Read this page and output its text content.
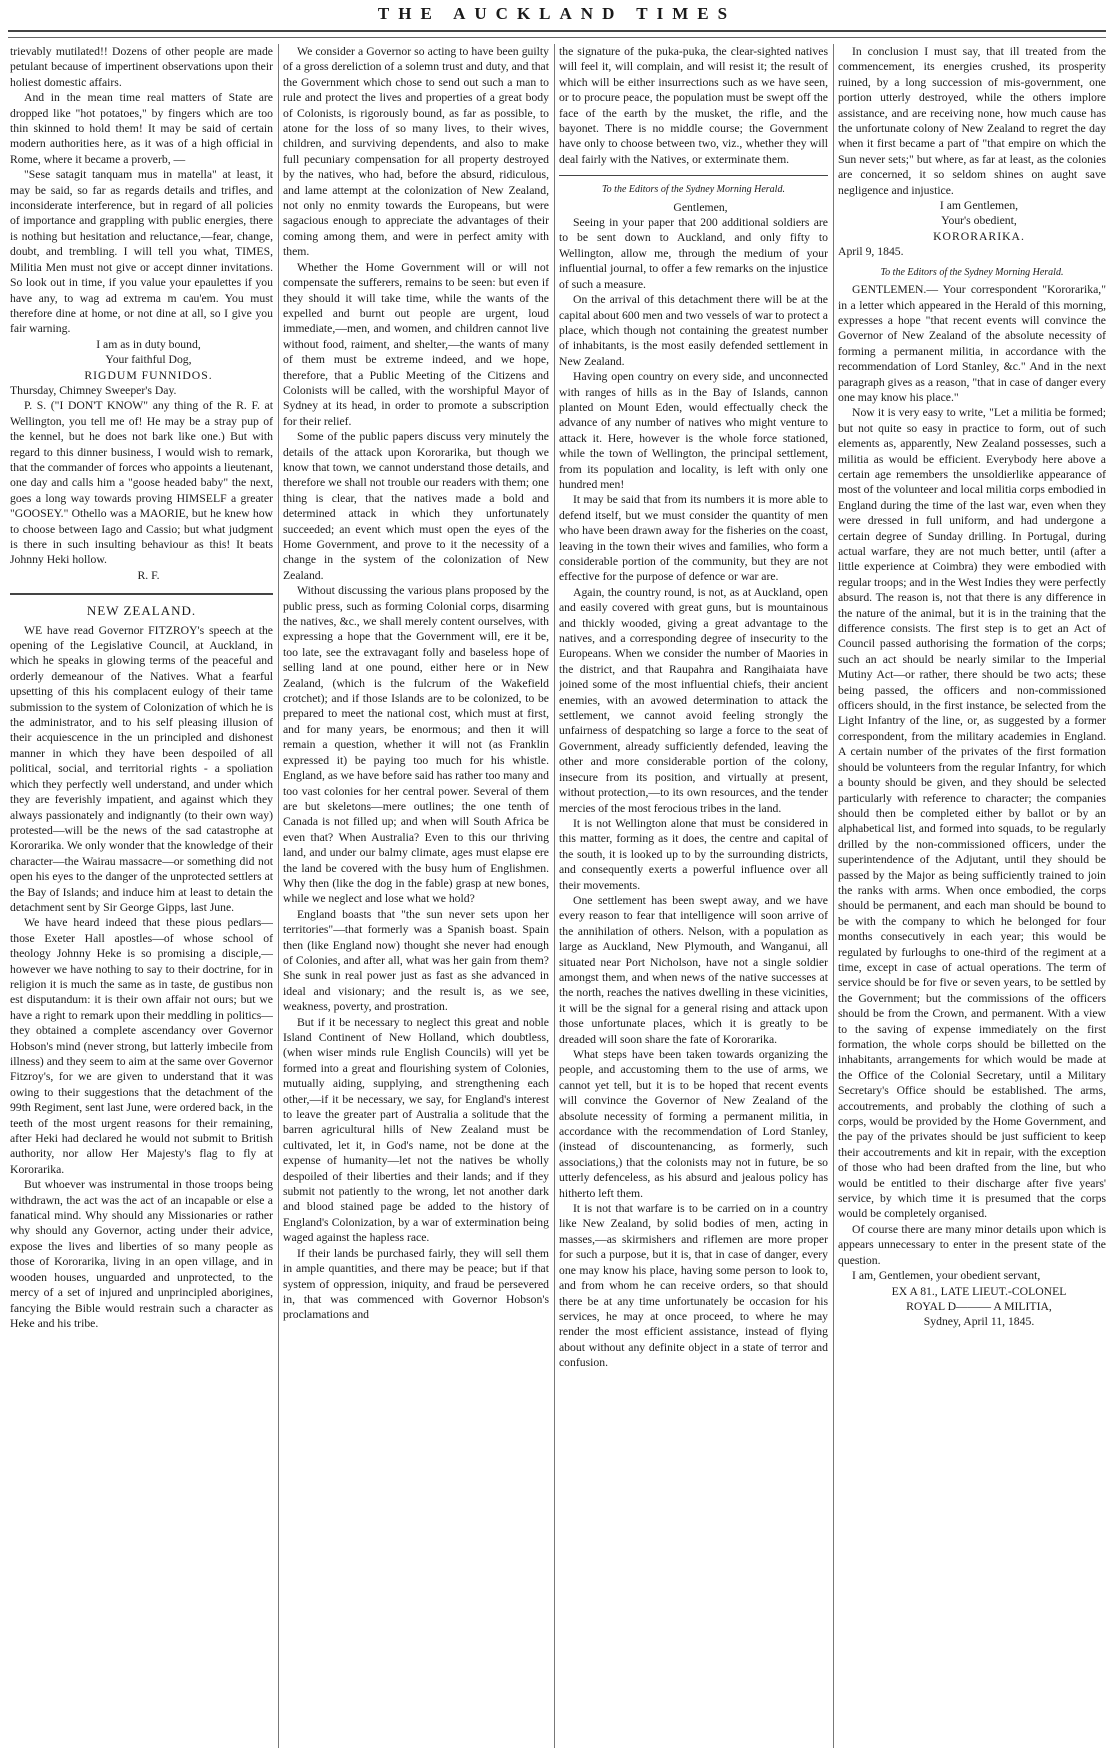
THE AUCKLAND TIMES

trievably mutilated!! Dozens of other people are made petulant because of impertinent observations upon their holiest domestic affairs.

And in the mean time real matters of State are dropped like "hot potatoes," by fingers which are too thin skinned to hold them! It may be said of certain modern authorities here, as it was of a high official in Rome, where it became a proverb, —

"Sese satagit tanquam mus in matella" at least, it may be said, so far as regards details and trifles, and inconsiderate interference, but in regard of all policies of importance and grappling with public energies, there is nothing but hesitation and reluctance,—fear, change, doubt, and trembling. I will tell you what, TIMES, Militia Men must not give or accept dinner invitations. So look out in time, if you value your epaulettes if you have any, to wag ad extrema m cau'em. You must therefore dine at home, or not dine at all, so I give you fair warning.

I am as in duty bound,

Your faithful Dog,

RIGDUM FUNNIDOS.

Thursday, Chimney Sweeper's Day.

P. S. ("I DON'T KNOW" any thing of the R. F. at Wellington, you tell me of! He may be a stray pup of the kennel, but he does not bark like one.) But with regard to this dinner business, I would wish to remark, that the commander of forces who appoints a lieutenant, one day and calls him a "goose headed baby" the next, goes a long way towards proving HIMSELF a greater "GOOSEY." Othello was a MAORIE, but he knew how to choose between Iago and Cassio; but what judgment is there in such insulting behaviour as this! It beats Johnny Heki hollow.

R. F.

NEW ZEALAND.

WE have read Governor FITZROY's speech at the opening of the Legislative Council, at Auckland, in which he speaks in glowing terms of the peaceful and orderly demeanour of the Natives. What a fearful upsetting of this his complacent eulogy of their tame submission to the system of Colonization of which he is the administrator, and to his self pleasing illusion of their acquiescence in the un principled and dishonest manner in which they have been despoiled of all political, social, and territorial rights - a spoliation which they perfectly well understand, and under which they are feverishly impatient, and against which they always passionately and indignantly (to their own way) protested—will be the news of the sad catastrophe at Kororarika. We only wonder that the knowledge of their character—the Wairau massacre—or something did not open his eyes to the danger of the unprotected settlers at the Bay of Islands; and induce him at least to detain the detachment sent by Sir George Gipps, last June.

We have heard indeed that these pious pedlars—those Exeter Hall apostles—of whose school of theology Johnny Heke is so promising a disciple,—however we have nothing to say to their doctrine, for in religion it is much the same as in taste, de gustibus non est disputandum: it is their own affair not ours; but we have a right to remark upon their meddling in politics—they obtained a complete ascendancy over Governor Hobson's mind (never strong, but latterly imbecile from illness) and they seem to aim at the same over Governor Fitzroy's, for we are given to understand that it was owing to their suggestions that the detachment of the 99th Regiment, sent last June, were ordered back, in the teeth of the most urgent reasons for their remaining, after Heki had declared he would not submit to British authority, nor allow Her Majesty's flag to fly at Kororarika.

But whoever was instrumental in those troops being withdrawn, the act was the act of an incapable or else a fanatical mind. Why should any Missionaries or rather why should any Governor, acting under their advice, expose the lives and liberties of so many people as those of Kororarika, living in an open village, and in wooden houses, unguarded and unprotected, to the mercy of a set of injured and unprincipled aborigines, fancying the Bible would restrain such a character as Heke and his tribe.

We consider a Governor so acting to have been guilty of a gross dereliction of a solemn trust and duty, and that the Government which chose to send out such a man to rule and protect the lives and properties of a great body of Colonists, is rigorously bound, as far as possible, to atone for the loss of so many lives, to their wives, children, and surviving dependents, and also to make full pecuniary compensation for all property destroyed by the natives, who had, before the absurd, ridiculous, and lame attempt at the colonization of New Zealand, not only no enmity towards the Europeans, but were sagacious enough to appreciate the advantages of their coming among them, and were in perfect amity with them.

Whether the Home Government will or will not compensate the sufferers, remains to be seen: but even if they should it will take time, while the wants of the expelled and burnt out people are urgent, loud immediate,—men, and women, and children cannot live without food, raiment, and shelter,—the wants of many of them must be extreme indeed, and we hope, therefore, that a Public Meeting of the Citizens and Colonists will be called, with the worshipful Mayor of Sydney at its head, in order to promote a subscription for their relief.

Some of the public papers discuss very minutely the details of the attack upon Kororarika, but though we know that town, we cannot understand those details, and therefore we shall not trouble our readers with them; one thing is clear, that the natives made a bold and determined attack in which they unfortunately succeeded; an event which must open the eyes of the Home Government, and prove to it the necessity of a change in the system of the colonization of New Zealand.

Without discussing the various plans proposed by the public press, such as forming Colonial corps, disarming the natives, &c., we shall merely content ourselves, with expressing a hope that the Government will, ere it be, too late, see the extravagant folly and baseless hope of selling land at one pound, either here or in New Zealand, (which is the fulcrum of the Wakefield crotchet); and if those Islands are to be colonized, to be prepared to meet the national cost, which must at first, and for many years, be enormous; and then it will remain a question, whether it will not (as Franklin expressed it) be paying too much for his whistle. England, as we have before said has rather too many and too vast colonies for her central power. Several of them are but skeletons—mere outlines; the one tenth of Canada is not filled up; and when will South Africa be even that? When Australia? Even to this our thriving land, and under our balmy climate, ages must elapse ere the land be covered with the busy hum of Englishmen. Why then (like the dog in the fable) grasp at new bones, while we neglect and lose what we hold?

England boasts that "the sun never sets upon her territories"—that formerly was a Spanish boast. Spain then (like England now) thought she never had enough of Colonies, and after all, what was her gain from them? She sunk in real power just as fast as she advanced in ideal and visionary; and the result is, as we see, weakness, poverty, and prostration.

But if it be necessary to neglect this great and noble Island Continent of New Holland, which doubtless, (when wiser minds rule English Councils) will yet be formed into a great and flourishing system of Colonies, mutually aiding, supplying, and strengthening each other,—if it be necessary, we say, for England's interest to leave the greater part of Australia a solitude that the barren agricultural hills of New Zealand must be cultivated, let it, in God's name, not be done at the expense of humanity—let not the natives be wholly despoiled of their liberties and their lands; and if they submit not patiently to the wrong, let not another dark and blood stained page be added to the history of England's Colonization, by a war of extermination being waged against the hapless race.

If their lands be purchased fairly, they will sell them in ample quantities, and there may be peace; but if that system of oppression, iniquity, and fraud be persevered in, that was commenced with Governor Hobson's proclamations and

the signature of the puka-puka, the clear-sighted natives will feel it, will complain, and will resist it; the result of which will be either insurrections such as we have seen, or to procure peace, the population must be swept off the face of the earth by the musket, the rifle, and the bayonet. There is no middle course; the Government have only to choose between two, viz., whether they will deal fairly with the Natives, or exterminate them.

To the Editors of the Sydney Morning Herald.

Gentlemen,

Seeing in your paper that 200 additional soldiers are to be sent down to Auckland, and only fifty to Wellington, allow me, through the medium of your influential journal, to offer a few remarks on the injustice of such a measure.

On the arrival of this detachment there will be at the capital about 600 men and two vessels of war to protect a place, which though not containing the greatest number of inhabitants, is the most easily defended settlement in New Zealand.

Having open country on every side, and unconnected with ranges of hills as in the Bay of Islands, cannon planted on Mount Eden, would effectually check the advance of any number of natives who might venture to attack it. Here, however is the whole force stationed, while the town of Wellington, the principal settlement, from its population and locality, is left with only one hundred men!

It may be said that from its numbers it is more able to defend itself, but we must consider the quantity of men who have been drawn away for the fisheries on the coast, leaving in the town their wives and families, who form a considerable portion of the community, but they are not effective for the purpose of defence or war are.

Again, the country round, is not, as at Auckland, open and easily covered with great guns, but is mountainous and thickly wooded, giving a great advantage to the natives, and a corresponding degree of insecurity to the Europeans. When we consider the number of Maories in the district, and that Raupahra and Rangihaiata have joined some of the most influential chiefs, their ancient enemies, with an avowed determination to attack the settlement, we cannot avoid feeling strongly the unfairness of despatching so large a force to the seat of Government, already sufficiently defended, leaving the other and more considerable portion of the colony, insecure from its position, and virtually at present, without protection,—to its own resources, and the tender mercies of the most ferocious tribes in the land.

It is not Wellington alone that must be considered in this matter, forming as it does, the centre and capital of the south, it is looked up to by the surrounding districts, and consequently exerts a powerful influence over all their movements.

One settlement has been swept away, and we have every reason to fear that intelligence will soon arrive of the annihilation of others. Nelson, with a population as large as Auckland, New Plymouth, and Wanganui, all situated near Port Nicholson, have not a single soldier amongst them, and when news of the native successes at the north, reaches the natives dwelling in these vicinities, it will be the signal for a general rising and attack upon those unfortunate places, which it is greatly to be dreaded will soon share the fate of Kororarika.

What steps have been taken towards organizing the people, and accustoming them to the use of arms, we cannot yet tell, but it is to be hoped that recent events will convince the Governor of New Zealand of the absolute necessity of forming a permanent militia, in accordance with the recommendation of Lord Stanley, (instead of discountenancing, as formerly, such associations,) that the colonists may not in future, be so utterly defenceless, as his absurd and jealous policy has hitherto left them.

It is not that warfare is to be carried on in a country like New Zealand, by solid bodies of men, acting in masses,—as skirmishers and riflemen are more proper for such a purpose, but it is, that in case of danger, every one may know his place, having some person to look to, and from whom he can receive orders, so that should there be at any time unfortunately be occasion for his services, he may at once proceed, to where he may render the most efficient assistance, instead of flying about without any definite object in a state of terror and confusion.

In conclusion I must say, that ill treated from the commencement, its energies crushed, its prosperity ruined, by a long succession of mis-government, one portion utterly destroyed, while the others implore assistance, and are receiving none, how much cause has the unfortunate colony of New Zealand to regret the day when it first became a part of "that empire on which the Sun never sets;" but where, as far at least, as the colonies are concerned, it so seldom shines on aught save negligence and injustice.

I am Gentlemen,

Your's obedient,

KORORARIKA.

April 9, 1845.

To the Editors of the Sydney Morning Herald.

GENTLEMEN.— Your correspondent "Kororarika," in a letter which appeared in the Herald of this morning, expresses a hope "that recent events will convince the Governor of New Zealand of the absolute necessity of forming a permanent militia, in accordance with the recommendation of Lord Stanley, &c." And in the next paragraph gives as a reason, "that in case of danger every one may know his place."

Now it is very easy to write, "Let a militia be formed; but not quite so easy in practice to form, out of such elements as, apparently, New Zealand possesses, such a militia as would be efficient. Everybody here above a certain age remembers the unsoldierlike appearance of most of the volunteer and local militia corps embodied in England during the time of the last war, even when they were dressed in full uniform, and had undergone a certain degree of Sunday drilling. In Portugal, during actual warfare, they are not much better, until (after a little experience at Coimbra) they were embodied with regular troops; and in the West Indies they were perfectly absurd. The reason is, not that there is any difference in the nature of the animal, but it is in the training that the difference consists. The first step is to get an Act of Council passed authorising the formation of the corps; such an act should be nearly similar to the Imperial Mutiny Act—or rather, there should be two acts; these being passed, the officers and non-commissioned officers should, in the first instance, be selected from the Light Infantry of the line, or, as suggested by a former correspondent, from the military academies in England. A certain number of the privates of the first formation should be volunteers from the regular Infantry, for which a bounty should be given, and they should be selected particularly with reference to character; the companies should then be completed either by ballot or by an alphabetical list, and formed into squads, to be regularly drilled by the non-commissioned officers, under the superintendence of the Adjutant, until they should be passed by the Major as being sufficiently trained to join the ranks with arms. When once embodied, the corps should be permanent, and each man should be bound to be with the company to which he belonged for four months consecutively in each year; this would be regulated by furloughs to one-third of the regiment at a time, except in case of actual operations. The term of service should be for five or seven years, to be settled by the Government; but the commissions of the officers should be from the Crown, and permanent. With a view to the saving of expense immediately on the first formation, the whole corps should be billetted on the inhabitants, arrangements for which would be made at the Office of the Colonial Secretary, until a Military Secretary's Office should be established. The arms, accoutrements, and probably the clothing of such a corps, would be provided by the Home Government, and the pay of the privates should be just sufficient to keep their accoutrements and kit in repair, with the exception of those who had been drafted from the line, but who would be entitled to their discharge after five years' service, by which time it is presumed that the corps would be completely organised.

Of course there are many minor details upon which is appears unnecessary to enter in the present state of the question.

I am, Gentlemen, your obedient servant,

EX A 81., LATE LIEUT.-COLONEL

ROYAL D——— A MILITIA,

Sydney, April 11, 1845.
